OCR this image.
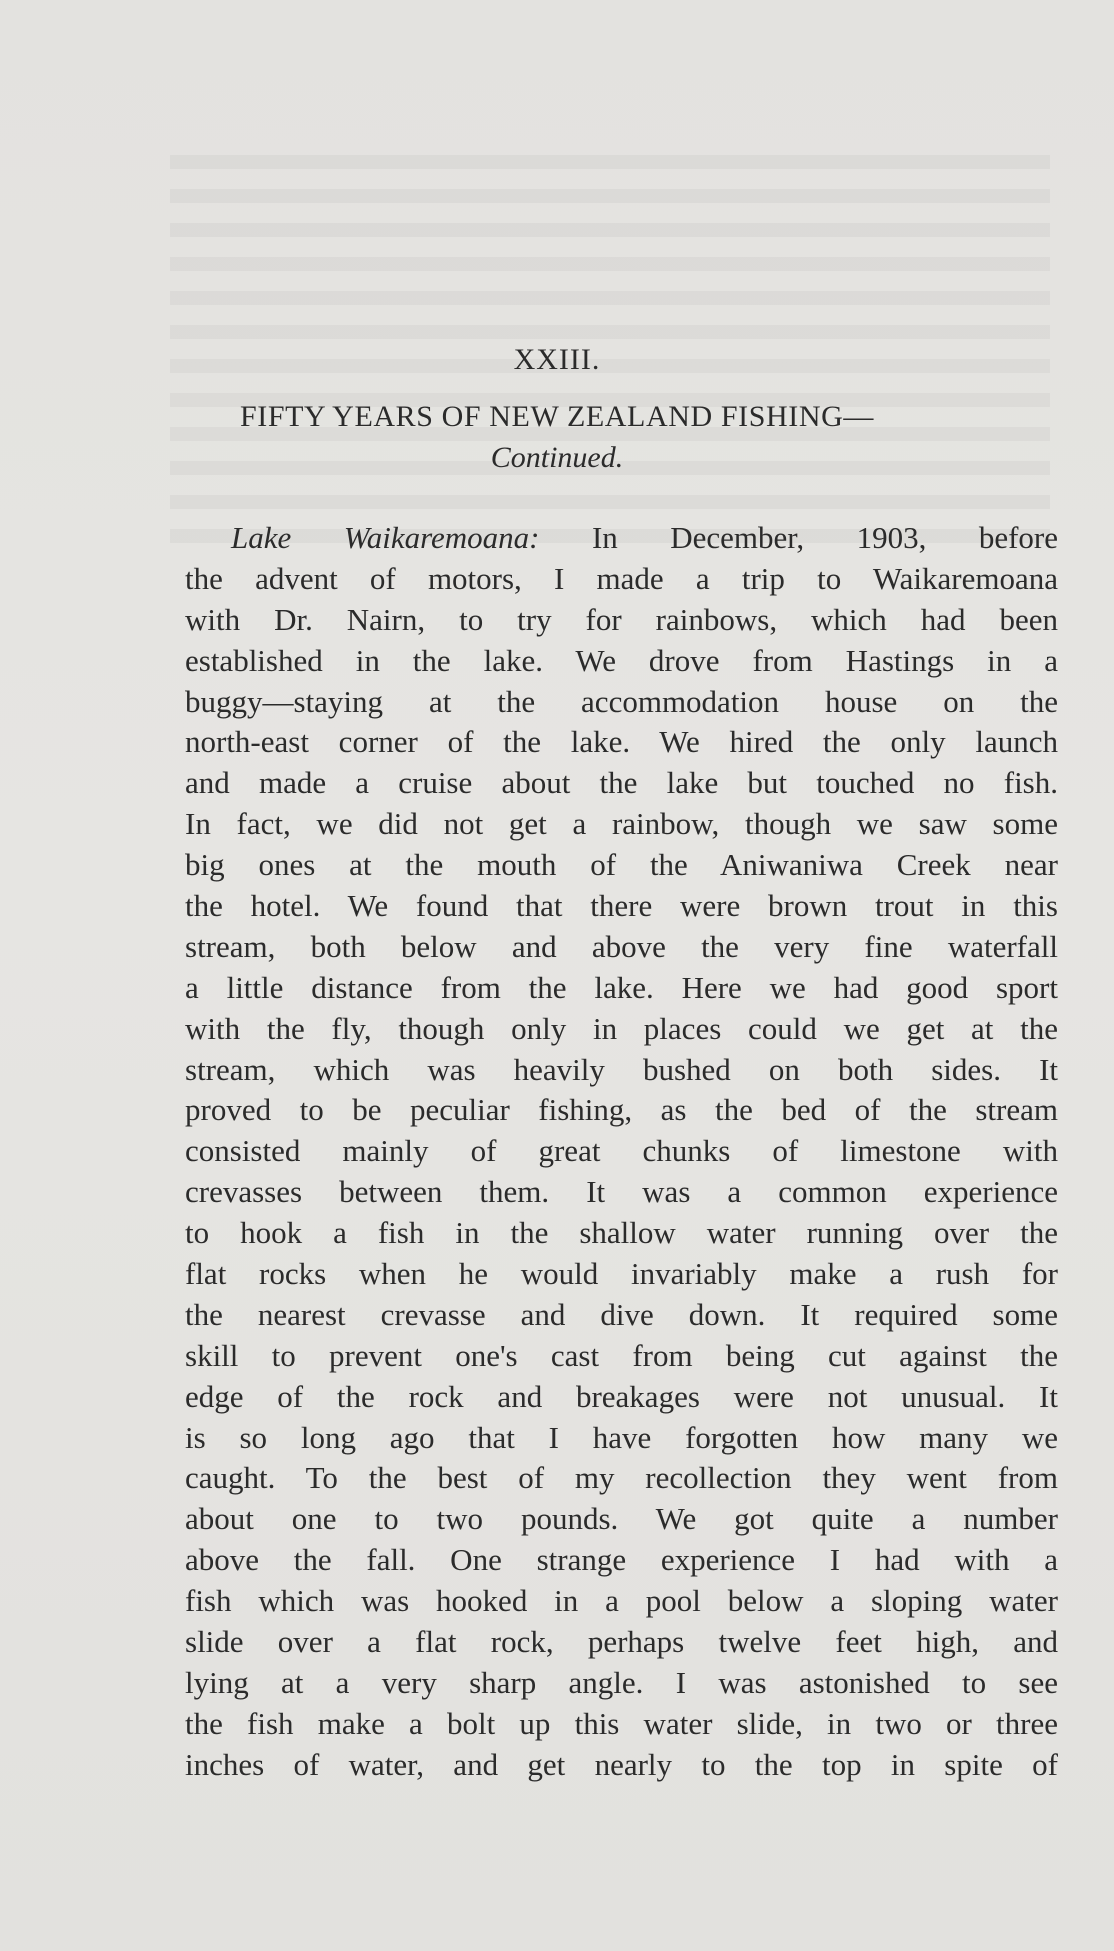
XXIII.
FIFTY YEARS OF NEW ZEALAND FISHING—
Continued.
Lake Waikaremoana: In December, 1903, before
the advent of motors, I made a trip to Waikaremoana
with Dr. Nairn, to try for rainbows, which had been
established in the lake. We drove from Hastings in a
buggy—staying at the accommodation house on the
north-east corner of the lake. We hired the only launch
and made a cruise about the lake but touched no fish.
In fact, we did not get a rainbow, though we saw some
big ones at the mouth of the Aniwaniwa Creek near
the hotel. We found that there were brown trout in this
stream, both below and above the very fine waterfall
a little distance from the lake. Here we had good sport
with the fly, though only in places could we get at the
stream, which was heavily bushed on both sides. It
proved to be peculiar fishing, as the bed of the stream
consisted mainly of great chunks of limestone with
crevasses between them. It was a common experience
to hook a fish in the shallow water running over the
flat rocks when he would invariably make a rush for
the nearest crevasse and dive down. It required some
skill to prevent one's cast from being cut against the
edge of the rock and breakages were not unusual. It
is so long ago that I have forgotten how many we
caught. To the best of my recollection they went from
about one to two pounds. We got quite a number
above the fall. One strange experience I had with a
fish which was hooked in a pool below a sloping water
slide over a flat rock, perhaps twelve feet high, and
lying at a very sharp angle. I was astonished to see
the fish make a bolt up this water slide, in two or three
inches of water, and get nearly to the top in spite of
